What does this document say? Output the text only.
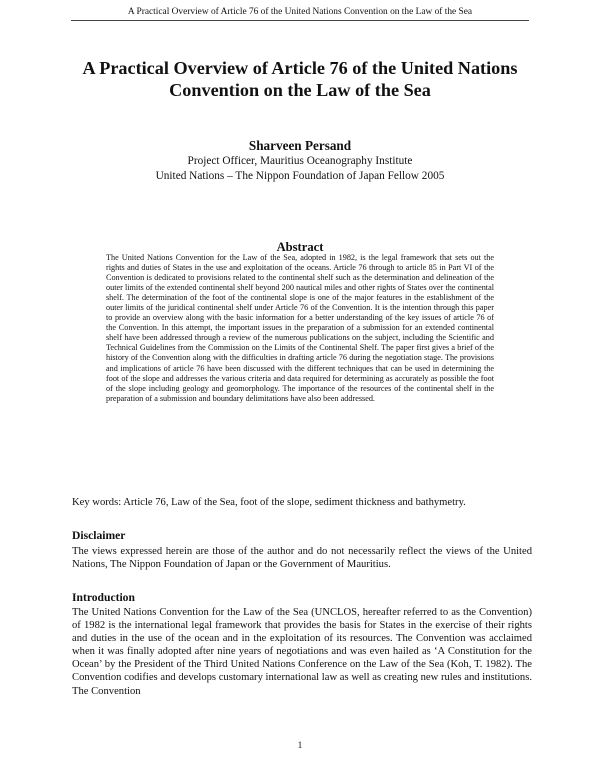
A Practical Overview of Article 76 of the United Nations Convention on the Law of the Sea
A Practical Overview of Article 76 of the United Nations
Convention on the Law of the Sea
Sharveen Persand
Project Officer, Mauritius Oceanography Institute
United Nations – The Nippon Foundation of Japan Fellow 2005
Abstract

The United Nations Convention for the Law of the Sea, adopted in 1982, is the legal framework that sets out the rights and duties of States in the use and exploitation of the oceans. Article 76 through to article 85 in Part VI of the Convention is dedicated to provisions related to the continental shelf such as the determination and delineation of the outer limits of the extended continental shelf beyond 200 nautical miles and other rights of States over the continental shelf. The determination of the foot of the continental slope is one of the major features in the establishment of the outer limits of the juridical continental shelf under Article 76 of the Convention. It is the intention through this paper to provide an overview along with the basic information for a better understanding of the key issues of article 76 of the Convention. In this attempt, the important issues in the preparation of a submission for an extended continental shelf have been addressed through a review of the numerous publications on the subject, including the Scientific and Technical Guidelines from the Commission on the Limits of the Continental Shelf. The paper first gives a brief of the history of the Convention along with the difficulties in drafting article 76 during the negotiation stage. The provisions and implications of article 76 have been discussed with the different techniques that can be used in determining the foot of the slope and addresses the various criteria and data required for determining as accurately as possible the foot of the slope including geology and geomorphology. The importance of the resources of the continental shelf in the preparation of a submission and boundary delimitations have also been addressed.

Key words: Article 76, Law of the Sea, foot of the slope, sediment thickness and bathymetry.

Disclaimer

The views expressed herein are those of the author and do not necessarily reflect the views of the United Nations, The Nippon Foundation of Japan or the Government of Mauritius.

Introduction

The United Nations Convention for the Law of the Sea (UNCLOS, hereafter referred to as the Convention) of 1982 is the international legal framework that provides the basis for States in the exercise of their rights and duties in the use of the ocean and in the exploitation of its resources. The Convention was acclaimed when it was finally adopted after nine years of negotiations and was even hailed as ‘A Constitution for the Ocean’ by the President of the Third United Nations Conference on the Law of the Sea (Koh, T. 1982). The Convention codifies and develops customary international law as well as creating new rules and institutions. The Convention

1
